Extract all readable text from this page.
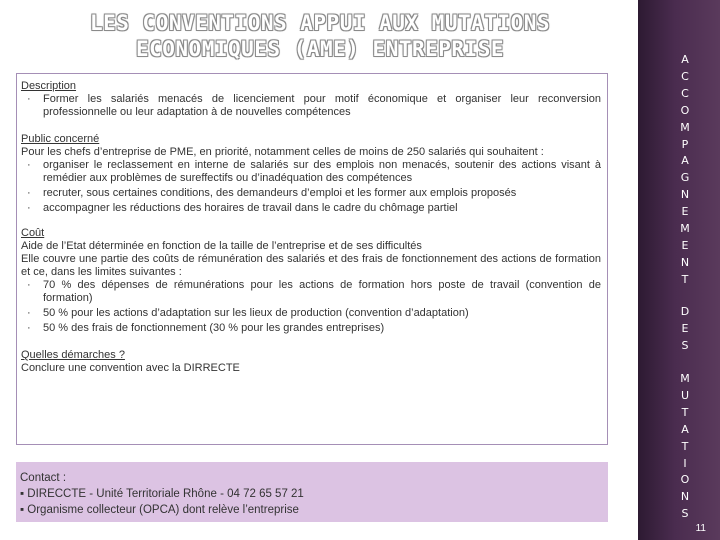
LES CONVENTIONS APPUI AUX MUTATIONS
ECONOMIQUES (AME) ENTREPRISE
Description
· Former les salariés menacés de licenciement pour motif économique et organiser leur reconversion professionnelle ou leur adaptation à de nouvelles compétences
Public concerné
Pour les chefs d’entreprise de PME, en priorité, notamment celles de moins de 250 salariés qui souhaitent :
· organiser le reclassement en interne de salariés sur des emplois non menacés, soutenir des actions visant à remédier aux problèmes de sureffectifs ou d’inadéquation des compétences
· recruter, sous certaines conditions, des demandeurs d’emploi et les former aux emplois proposés
· accompagner les réductions des horaires de travail dans le cadre du chômage partiel
Coût
Aide de l’Etat déterminée en fonction de la taille de l’entreprise et de ses difficultés
Elle couvre une partie des coûts de rémunération des salariés et des frais de fonctionnement des actions de formation et ce, dans les limites suivantes :
· 70 % des dépenses de rémunérations pour les actions de formation hors poste de travail (convention de formation)
· 50 % pour les actions d’adaptation sur les lieux de production (convention d’adaptation)
· 50 % des frais de fonctionnement (30 % pour les grandes entreprises)
Quelles démarches ?
Conclure une convention avec la DIRRECTE
Contact :
▪ DIRECCTE - Unité Territoriale Rhône - 04 72 65 57 21
▪ Organisme collecteur (OPCA) dont relève l’entreprise
A
C
C
O
M
P
A
G
N
E
M
E
N
T
D
E
S
M
U
T
A
T
I
O
N
S
11
